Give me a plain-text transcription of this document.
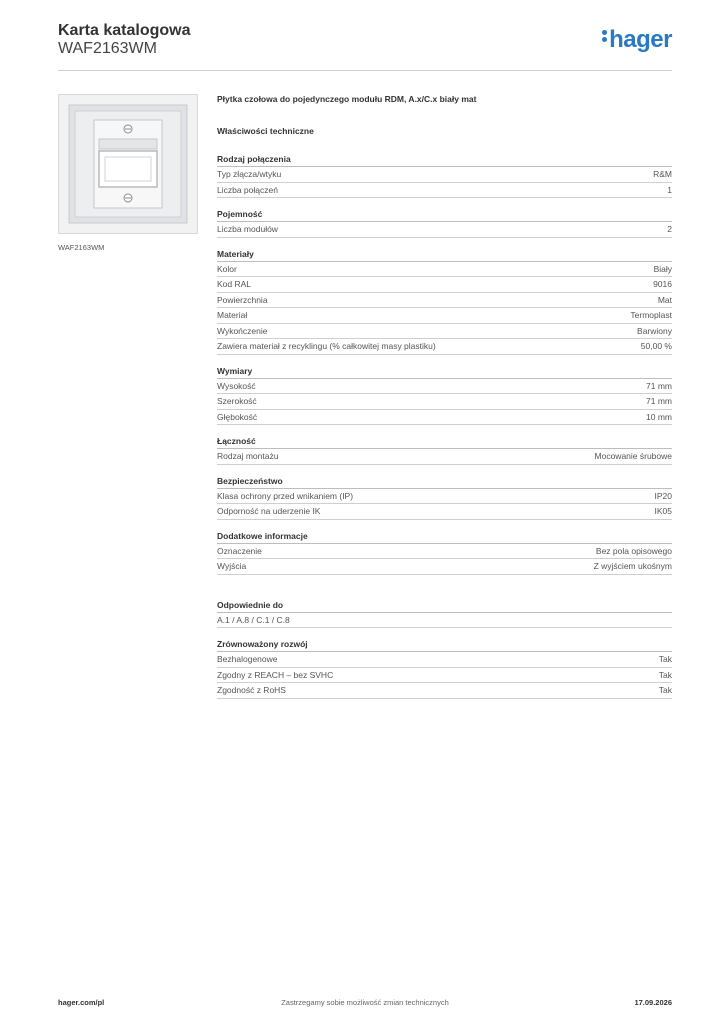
Karta katalogowa
WAF2163WM	hager
WAF2163WM
Płytka czołowa do pojedynczego modułu RDM, A.x/C.x biały mat
Właściwości techniczne
Rodzaj połączenia
Typ złącza/wtyku	R&M
Liczba połączeń	1
Pojemność
Liczba modułów	2
Materiały
Kolor	Biały
Kod RAL	9016
Powierzchnia	Mat
Materiał	Termoplast
Wykończenie	Barwiony
Zawiera materiał z recyklingu (% całkowitej masy plastiku)	50,00 %
Wymiary
Wysokość	71 mm
Szerokość	71 mm
Głębokość	10 mm
Łączność
Rodzaj montażu	Mocowanie śrubowe
Bezpieczeństwo
Klasa ochrony przed wnikaniem (IP)	IP20
Odporność na uderzenie IK	IK05
Dodatkowe informacje
Oznaczenie	Bez pola opisowego
Wyjścia	Z wyjściem ukośnym
Odpowiednie do
A.1 / A.8 / C.1 / C.8
Zrównoważony rozwój
Bezhalogenowe	Tak
Zgodny z REACH – bez SVHC	Tak
Zgodność z RoHS	Tak
hager.com/pl	Zastrzegamy sobie możliwość zmian technicznych	17.09.2026
